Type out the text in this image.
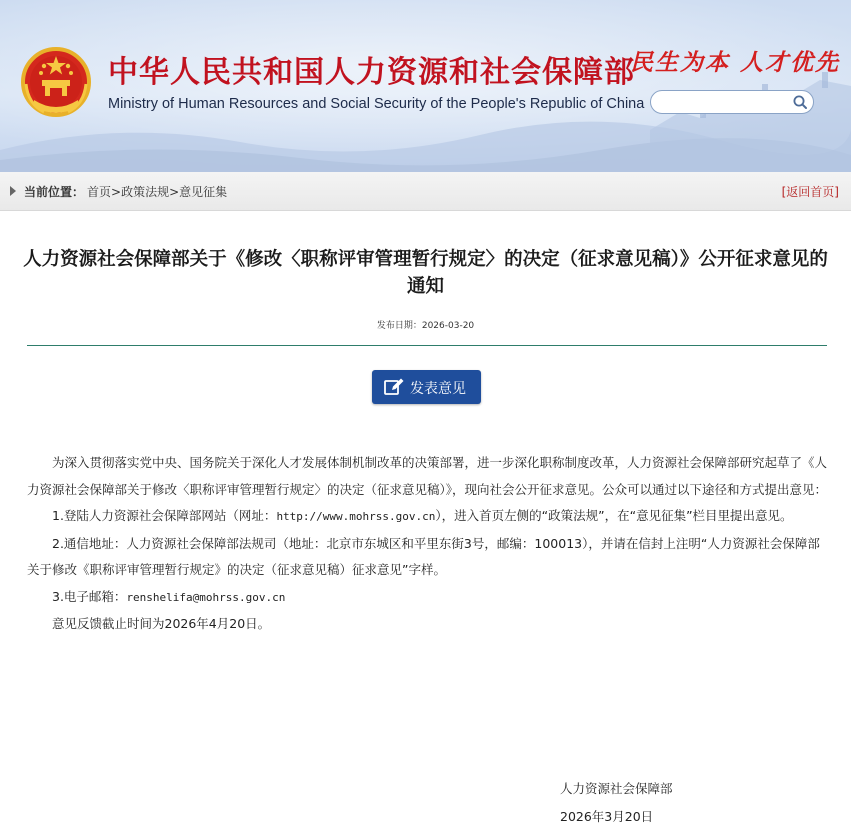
中华人民共和国人力资源和社会保障部
Ministry of Human Resources and Social Security of the People's Republic of China
民生为本 人才优先
当前位置： 首页>政策法规>意见征集	[返回首页]
人力资源社会保障部关于《修改〈职称评审管理暂行规定〉的决定（征求意见稿）》公开征求意见的通知
发布日期：2026-03-20
发表意见

为深入贯彻落实党中央、国务院关于深化人才发展体制机制改革的决策部署，进一步深化职称制度改革，人力资源社会保障部研究起草了《人力资源社会保障部关于修改〈职称评审管理暂行规定〉的决定（征求意见稿）》，现向社会公开征求意见。公众可以通过以下途径和方式提出意见：

1.登陆人力资源社会保障部网站（网址：http://www.mohrss.gov.cn），进入首页左侧的“政策法规”，在“意见征集”栏目里提出意见。

2.通信地址：人力资源社会保障部法规司（地址：北京市东城区和平里东街3号，邮编：100013），并请在信封上注明“人力资源社会保障部关于修改《职称评审管理暂行规定》的决定（征求意见稿）征求意见”字样。

3.电子邮箱：renshelifa@mohrss.gov.cn

意见反馈截止时间为2026年4月20日。

人力资源社会保障部
2026年3月20日
